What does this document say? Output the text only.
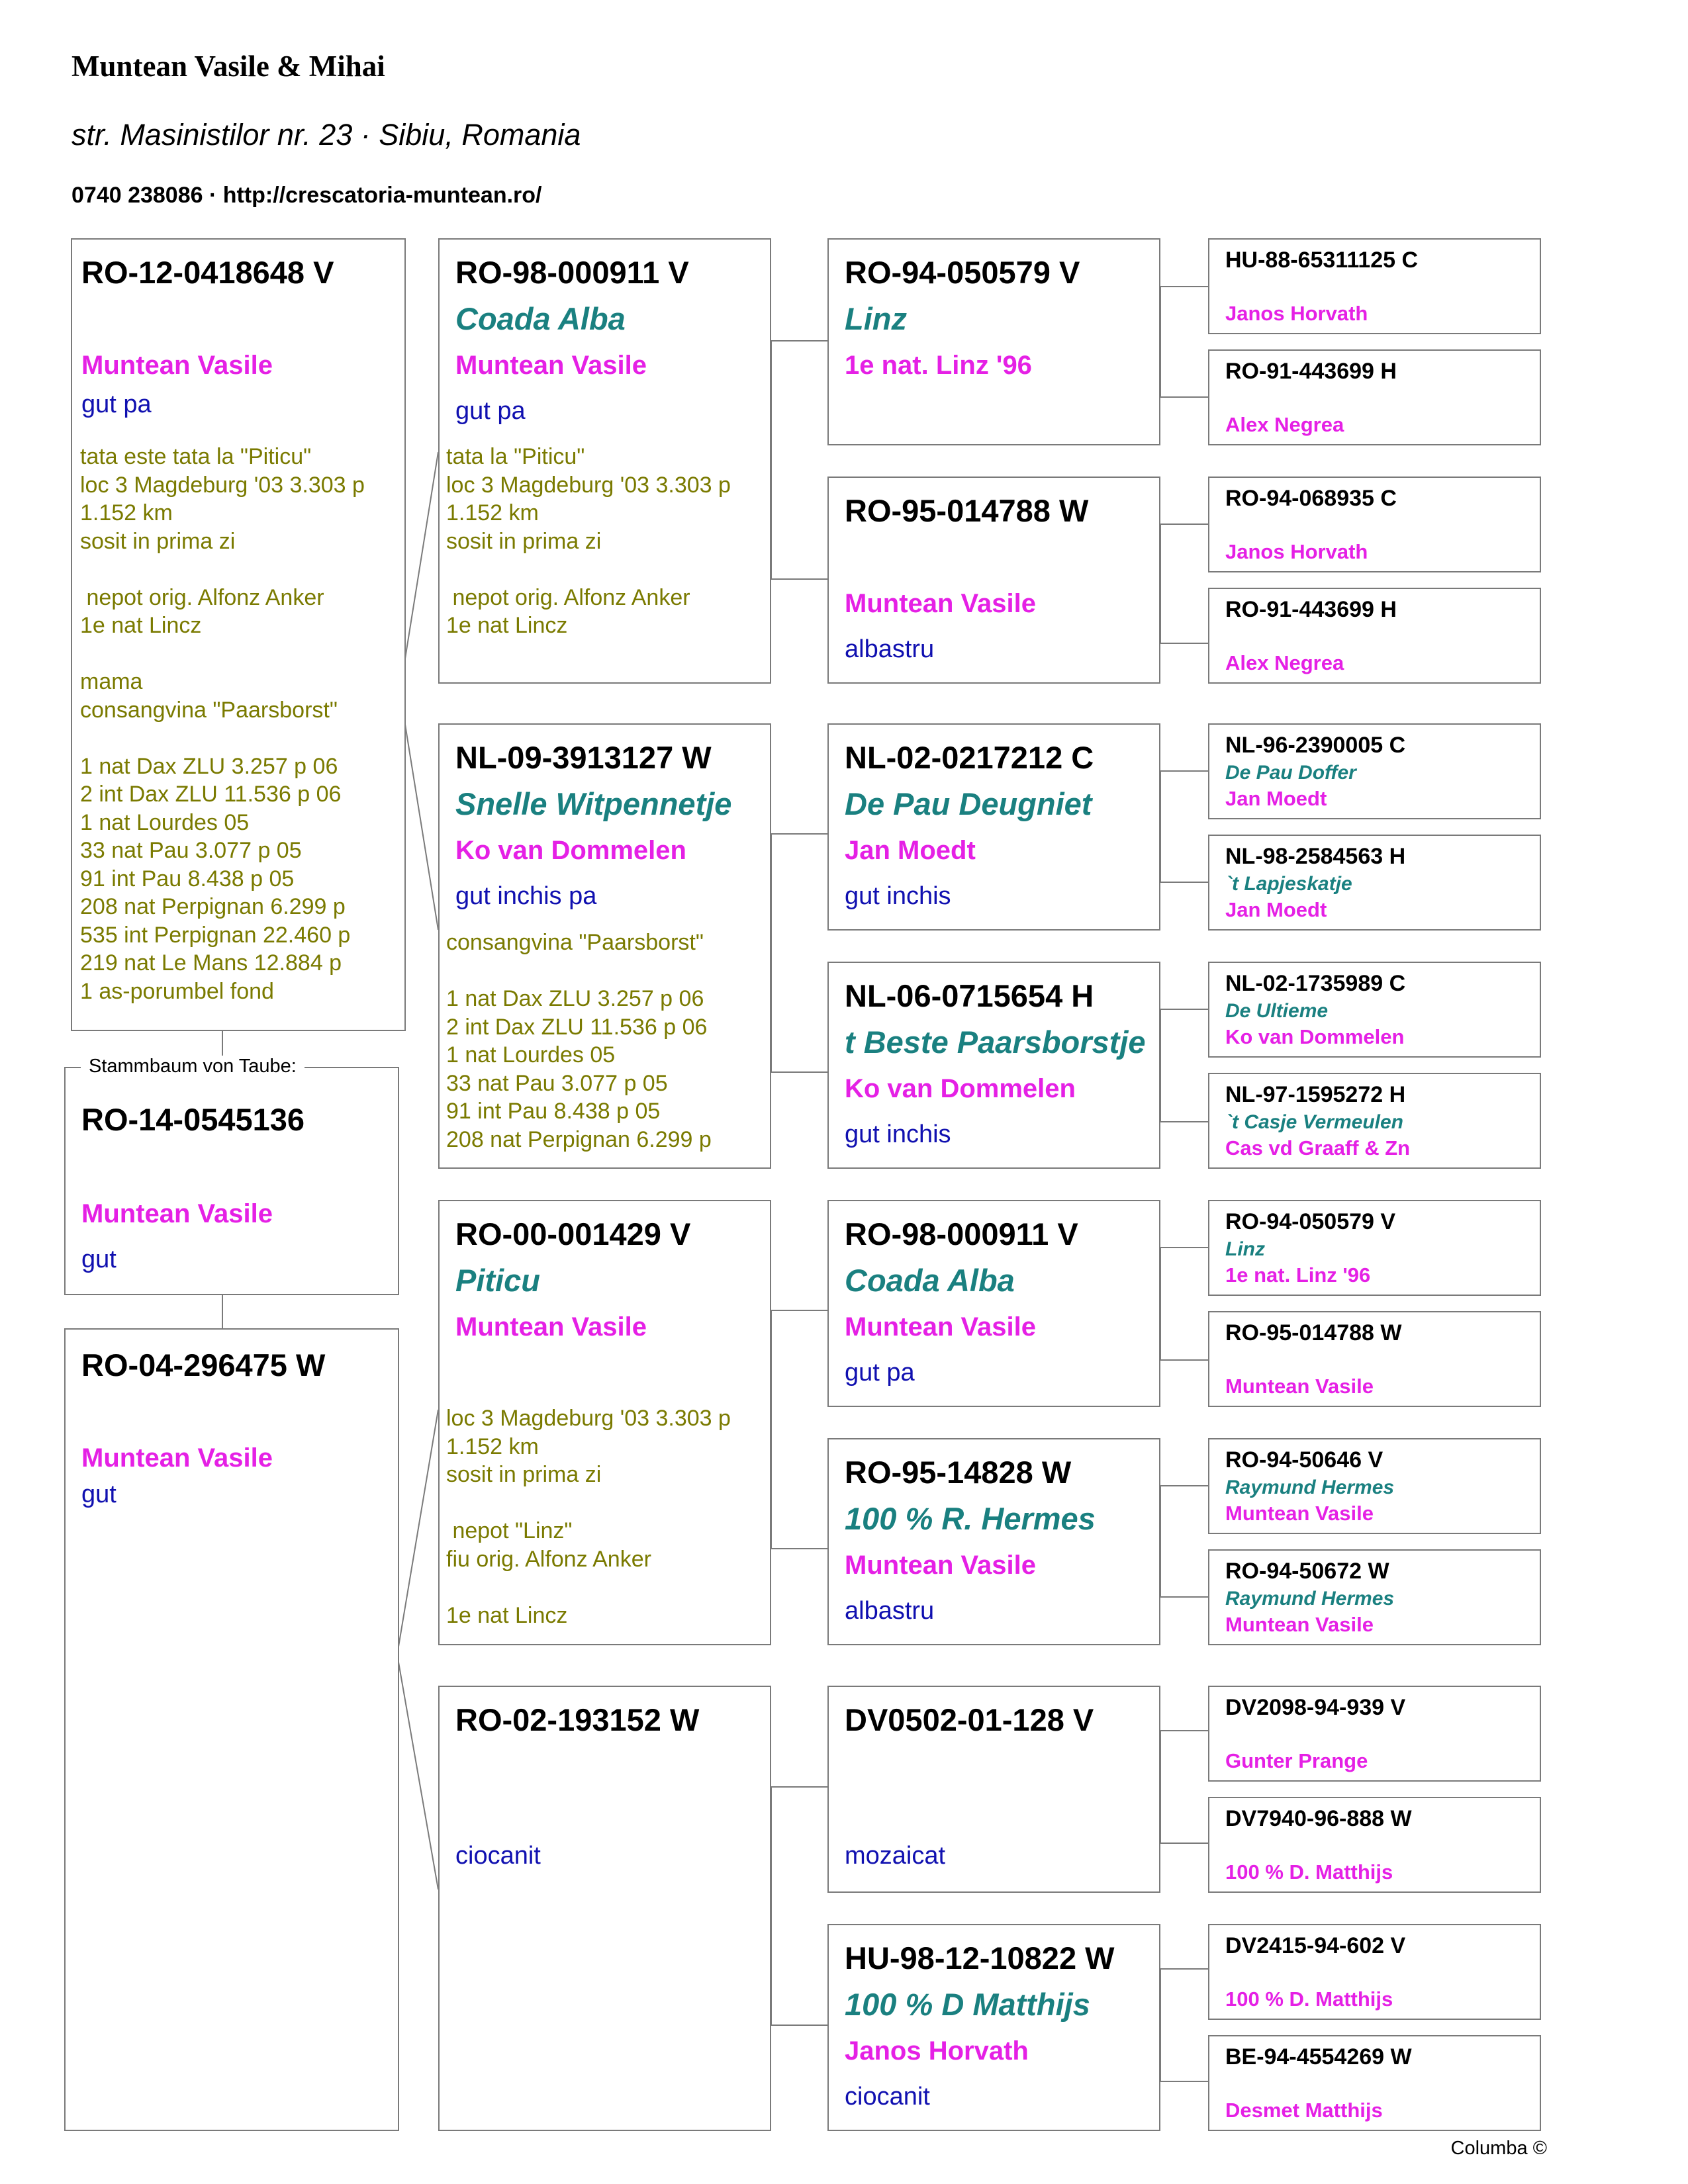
Muntean Vasile & Mihai
str. Masinistilor nr. 23 · Sibiu, Romania
0740 238086 · http://crescatoria-muntean.ro/
RO-12-0418648 V
Muntean Vasile
gut pa
tata este tata la "Piticu"
loc 3 Magdeburg '03 3.303 p
1.152 km
sosit in prima zi

nepot orig. Alfonz Anker
1e nat Lincz

mama
consangvina "Paarsborst"

1 nat Dax ZLU 3.257 p 06
2 int Dax ZLU 11.536 p 06
1 nat Lourdes 05
33 nat Pau 3.077 p 05
91 int Pau 8.438 p 05
208 nat Perpignan 6.299 p
535 int Perpignan 22.460 p
219 nat Le Mans 12.884 p
1 as-porumbel fond
RO-14-0545136
Muntean Vasile
gut
Stammbaum von Taube:
RO-04-296475 W
Muntean Vasile
gut
RO-98-000911 V
Coada Alba
Muntean Vasile
gut pa
tata la "Piticu"
loc 3 Magdeburg '03 3.303 p
1.152 km
sosit in prima zi

nepot orig. Alfonz Anker
1e nat Lincz
NL-09-3913127 W
Snelle Witpennetje
Ko van Dommelen
gut inchis pa
consangvina "Paarsborst"

1 nat Dax ZLU 3.257 p 06
2 int Dax ZLU 11.536 p 06
1 nat Lourdes 05
33 nat Pau 3.077 p 05
91 int Pau 8.438 p 05
208 nat Perpignan 6.299 p
RO-00-001429 V
Piticu
Muntean Vasile
loc 3 Magdeburg '03 3.303 p
1.152 km
sosit in prima zi

nepot "Linz"
fiu orig. Alfonz Anker

1e nat Lincz
RO-02-193152 W
ciocanit
RO-94-050579 V
Linz
1e nat. Linz '96
RO-95-014788 W
Muntean Vasile
albastru
NL-02-0217212 C
De Pau Deugniet
Jan Moedt
gut inchis
NL-06-0715654 H
t Beste Paarsborstje
Ko van Dommelen
gut inchis
RO-98-000911 V
Coada Alba
Muntean Vasile
gut pa
RO-95-14828 W
100 % R. Hermes
Muntean Vasile
albastru
DV0502-01-128 V
mozaicat
HU-98-12-10822 W
100 % D Matthijs
Janos Horvath
ciocanit
HU-88-65311125 C
Janos Horvath
RO-91-443699 H
Alex Negrea
RO-94-068935 C
Janos Horvath
RO-91-443699 H
Alex Negrea
NL-96-2390005 C
De Pau Doffer
Jan Moedt
NL-98-2584563 H
`t Lapjeskatje
Jan Moedt
NL-02-1735989 C
De Ultieme
Ko van Dommelen
NL-97-1595272 H
`t Casje Vermeulen
Cas vd Graaff & Zn
RO-94-050579 V
Linz
1e nat. Linz '96
RO-95-014788 W
Muntean Vasile
RO-94-50646 V
Raymund Hermes
Muntean Vasile
RO-94-50672 W
Raymund Hermes
Muntean Vasile
DV2098-94-939 V
Gunter Prange
DV7940-96-888 W
100 % D. Matthijs
DV2415-94-602 V
100 % D. Matthijs
BE-94-4554269 W
Desmet Matthijs
Columba ©
